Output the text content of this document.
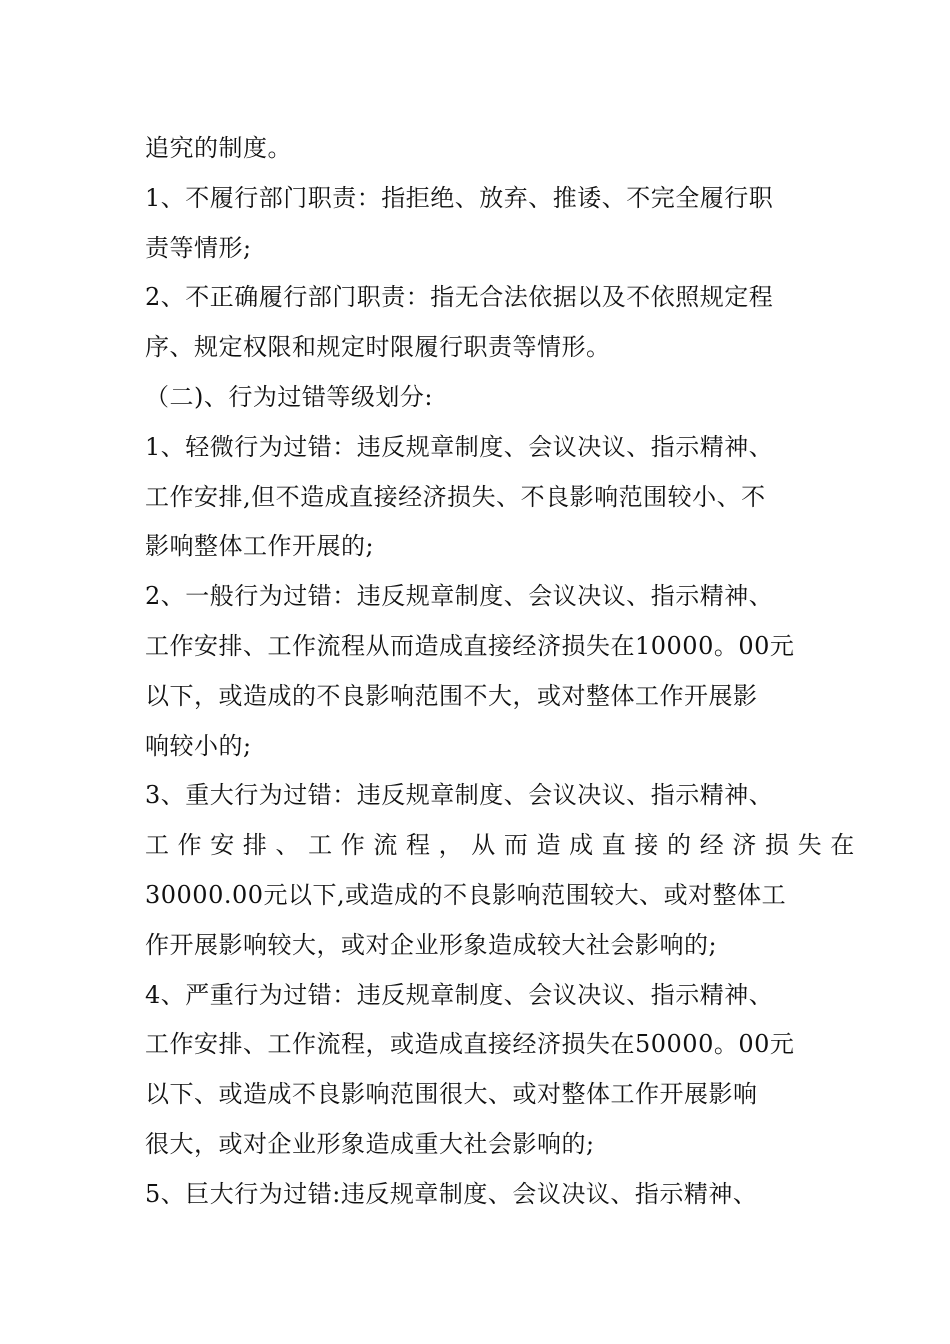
追究的制度。
1、不履行部门职责：指拒绝、放弃、推诿、不完全履行职
责等情形;
2、不正确履行部门职责：指无合法依据以及不依照规定程
序、规定权限和规定时限履行职责等情形。
（二)、行为过错等级划分:
1、轻微行为过错：违反规章制度、会议决议、指示精神、
工作安排,但不造成直接经济损失、不良影响范围较小、不
影响整体工作开展的;
2、一般行为过错：违反规章制度、会议决议、指示精神、
工作安排、工作流程从而造成直接经济损失在10000。00元
以下，或造成的不良影响范围不大，或对整体工作开展影
响较小的;
3、重大行为过错：违反规章制度、会议决议、指示精神、
工 作 安 排 、 工 作 流 程 ， 从 而 造 成 直 接 的 经 济 损 失 在
30000.00元以下,或造成的不良影响范围较大、或对整体工
作开展影响较大，或对企业形象造成较大社会影响的;
4、严重行为过错：违反规章制度、会议决议、指示精神、
工作安排、工作流程，或造成直接经济损失在50000。00元
以下、或造成不良影响范围很大、或对整体工作开展影响
很大，或对企业形象造成重大社会影响的;
5、巨大行为过错:违反规章制度、会议决议、指示精神、
